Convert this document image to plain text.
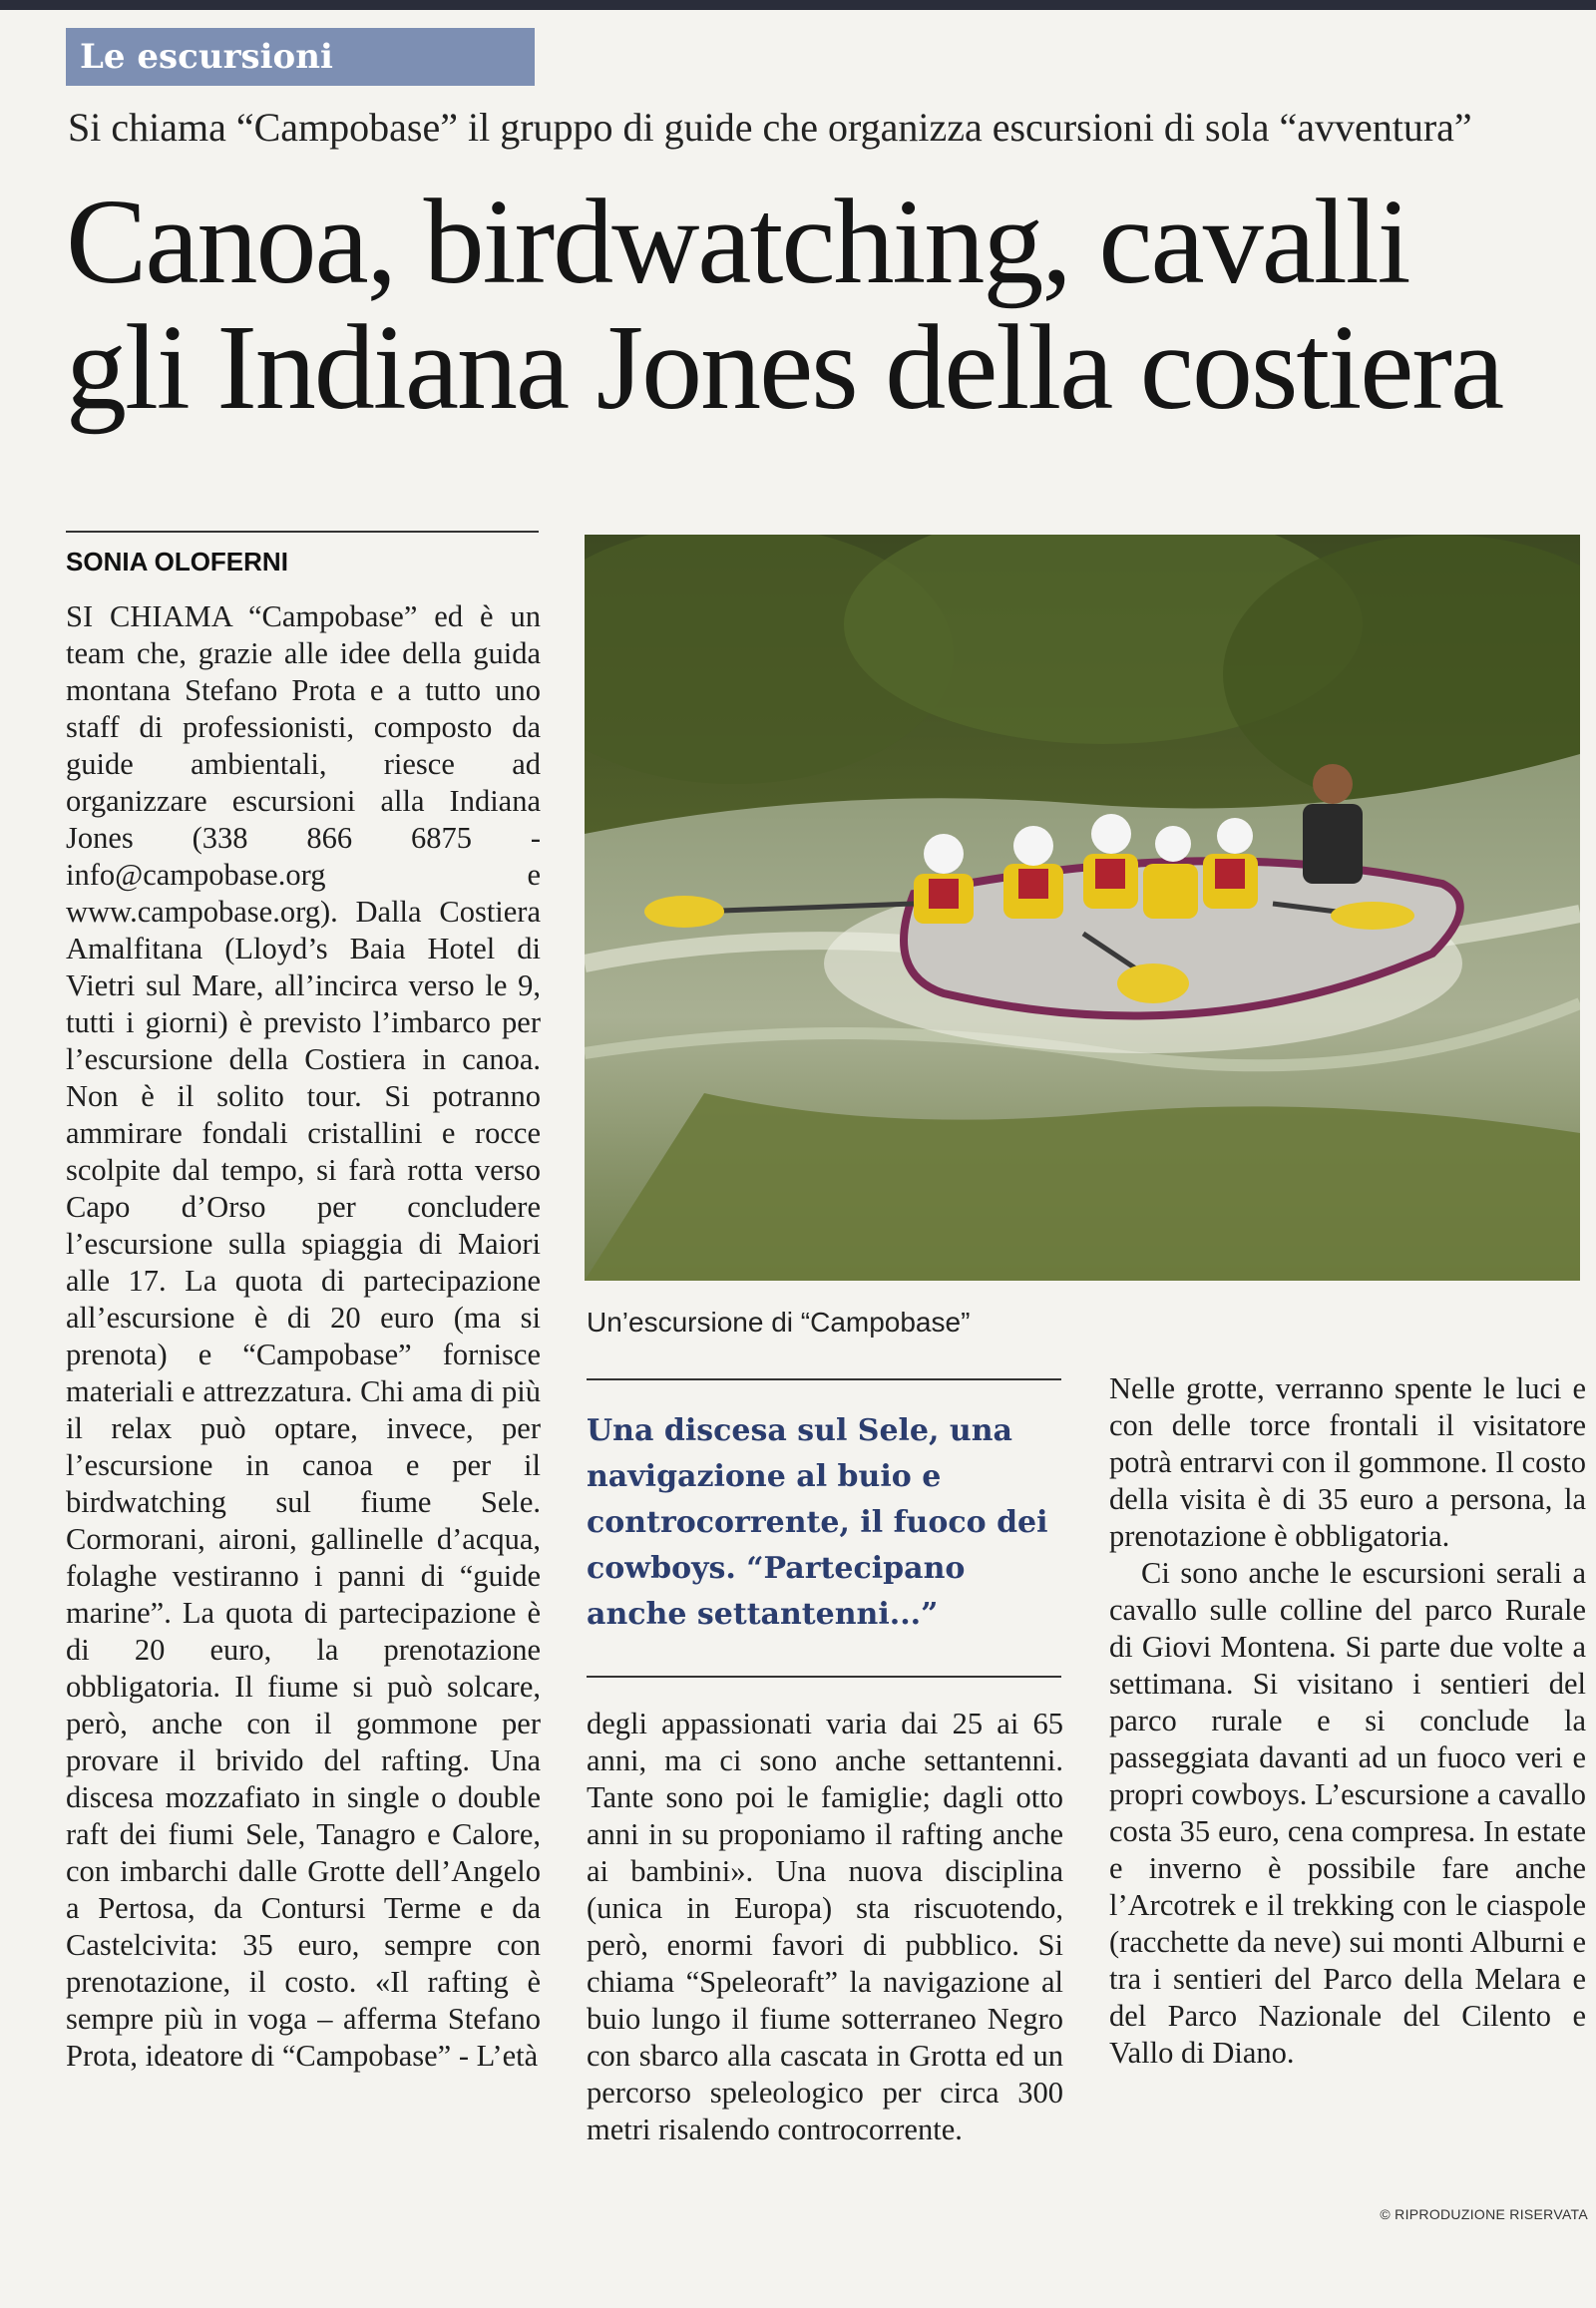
Le escursioni
Si chiama “Campobase” il gruppo di guide che organizza escursioni di sola “avventura”
Canoa, birdwatching, cavalli
gli Indiana Jones della costiera
SONIA OLOFERNI

SI CHIAMA “Campobase” ed è un team che, grazie alle idee della guida montana Stefano Prota e a tutto uno staff di professionisti, composto da guide ambientali, riesce ad organizzare escursioni alla Indiana Jones (338 866 6875 - info@campobase.org e www.campobase.org). Dalla Costiera Amalfitana (Lloyd’s Baia Hotel di Vietri sul Mare, all’incirca verso le 9, tutti i giorni) è previsto l’imbarco per l’escursione della Costiera in canoa. Non è il solito tour. Si potranno ammirare fondali cristallini e rocce scolpite dal tempo, si farà rotta verso Capo d’Orso per concludere l’escursione sulla spiaggia di Maiori alle 17. La quota di partecipazione all’escursione è di 20 euro (ma si prenota) e “Campobase” fornisce materiali e attrezzatura. Chi ama di più il relax può optare, invece, per l’escursione in canoa e per il birdwatching sul fiume Sele. Cormorani, aironi, gallinelle d’acqua, folaghe vestiranno i panni di “guide marine”. La quota di partecipazione è di 20 euro, la prenotazione obbligatoria. Il fiume si può solcare, però, anche con il gommone per provare il brivido del rafting. Una discesa mozzafiato in single o double raft dei fiumi Sele, Tanagro e Calore, con imbarchi dalle Grotte dell’Angelo a Pertosa, da Contursi Terme e da Castelcivita: 35 euro, sempre con prenotazione, il costo. «Il rafting è sempre più in voga – afferma Stefano Prota, ideatore di “Campobase” - L’età

Un’escursione di “Campobase”
Una discesa sul Sele, una navigazione al buio e controcorrente, il fuoco dei cowboys. “Partecipano anche settantenni...”

degli appassionati varia dai 25 ai 65 anni, ma ci sono anche settantenni. Tante sono poi le famiglie; dagli otto anni in su proponiamo il rafting anche ai bambini». Una nuova disciplina (unica in Europa) sta riscuotendo, però, enormi favori di pubblico. Si chiama “Speleoraft” la navigazione al buio lungo il fiume sotterraneo Negro con sbarco alla cascata in Grotta ed un percorso speleologico per circa 300 metri risalendo controcorrente.

Nelle grotte, verranno spente le luci e con delle torce frontali il visitatore potrà entrarvi con il gommone. Il costo della visita è di 35 euro a persona, la prenotazione è obbligatoria.

Ci sono anche le escursioni serali a cavallo sulle colline del parco Rurale di Giovi Montena. Si parte due volte a settimana. Si visitano i sentieri del parco rurale e si conclude la passeggiata davanti ad un fuoco veri e propri cowboys. L’escursione a cavallo costa 35 euro, cena compresa. In estate e inverno è possibile fare anche l’Arcotrek e il trekking con le ciaspole (racchette da neve) sui monti Alburni e tra i sentieri del Parco della Melara e del Parco Nazionale del Cilento e Vallo di Diano.

© RIPRODUZIONE RISERVATA
